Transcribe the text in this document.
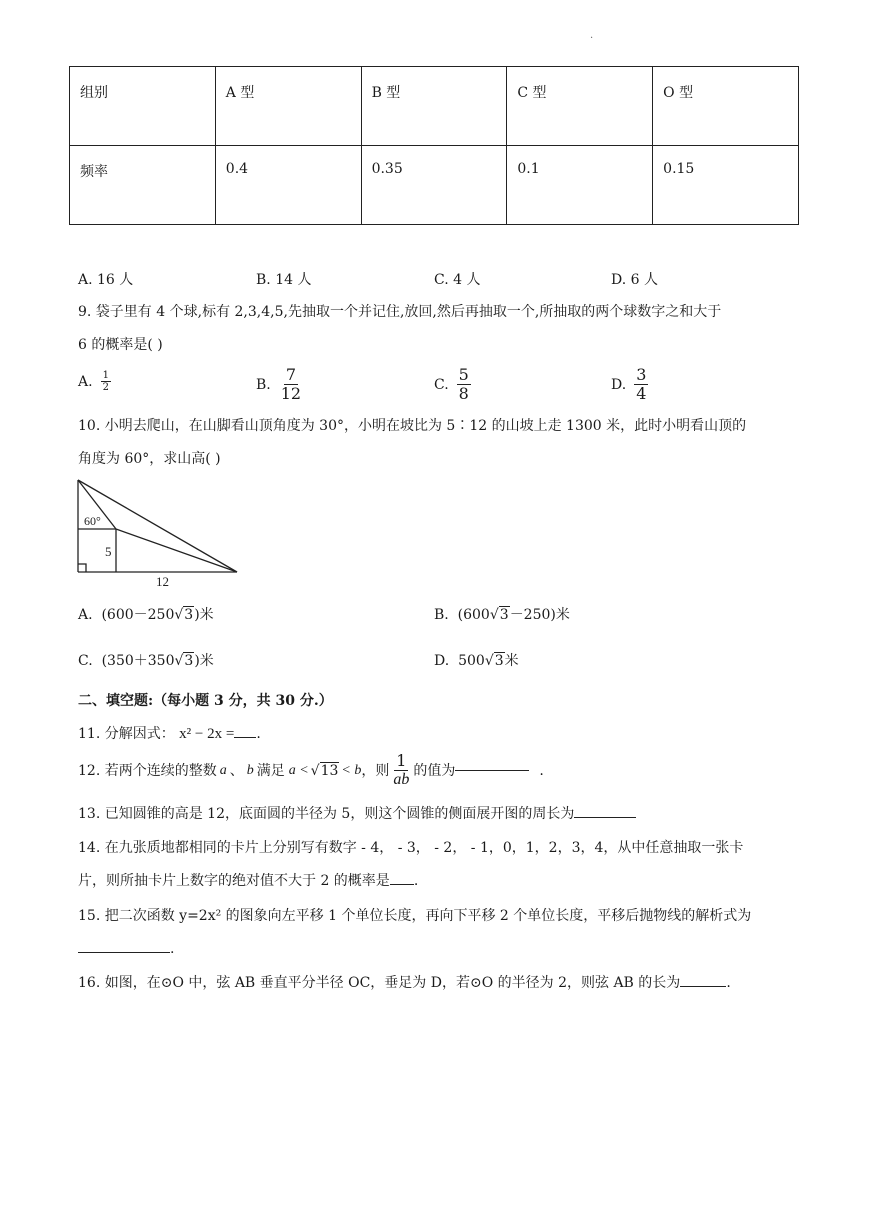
.
组别	A 型	B 型	C 型	O 型
频率	0.4	0.35	0.1	0.15
A. 16 人	B. 14 人	C. 4 人	D. 6 人
9. 袋子里有 4 个球,标有 2,3,4,5,先抽取一个并记住,放回,然后再抽取一个,所抽取的两个球数字之和大于
6 的概率是( )
A. $\frac{1}{2}$	B. $\frac{7}{12}$	C. $\frac{5}{8}$	D. $\frac{3}{4}$
10. 小明去爬山，在山脚看山顶角度为 30°，小明在坡比为 5∶12 的山坡上走 1300 米，此时小明看山顶的
角度为 60°，求山高( )
60°
5
12
A. (600－250√3)米	B. (600√3－250)米
C. (350＋350√3)米	D. 500√3米
二、填空题:（每小题 3 分，共 30 分.）
11. 分解因式： x² − 2x = .
12. 若两个连续的整数 a 、 b 满足 a < √13 < b ，则 $\frac{1}{ab}$ 的值为	.
13. 已知圆锥的高是 12，底面圆的半径为 5，则这个圆锥的侧面展开图的周长为
14. 在九张质地都相同的卡片上分别写有数字 - 4， - 3， - 2， - 1，0，1，2，3，4，从中任意抽取一张卡
片，则所抽卡片上数字的绝对值不大于 2 的概率是 .
15. 把二次函数 y=2x² 的图象向左平移 1 个单位长度，再向下平移 2 个单位长度，平移后抛物线的解析式为
.
16. 如图，在⊙O 中，弦 AB 垂直平分半径 OC，垂足为 D，若⊙O 的半径为 2，则弦 AB 的长为	.
